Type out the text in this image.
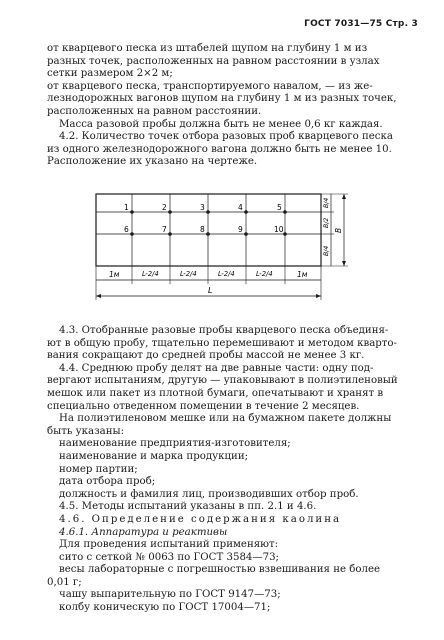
ГОСТ 7031—75 Стр. 3

от кварцевого песка из штабелей щупом на глубину 1 м из

разных точек, расположенных на равном расстоянии в узлах

сетки размером 2×2 м;

от кварцевого песка, транспортируемого навалом, — из же-

лезнодорожных вагонов щупом на глубину 1 м из разных точек,

расположенных на равном расстоянии.

Масса разовой пробы должна быть не менее 0,6 кг каждая.

4.2. Количество точек отбора разовых проб кварцевого песка

из одного железнодорожного вагона должно быть не менее 10.

Расположение их указано на чертеже.

1	2	3	4	5
6	7	8	9	10
1м	L-2/4	L-2/4	L-2/4	L-2/4	1м
L
B/4
B/2
B/4
B

4.3. Отобранные разовые пробы кварцевого песка объединя-

ют в общую пробу, тщательно перемешивают и методом кварто-

вания сокращают до средней пробы массой не менее 3 кг.

4.4. Среднюю пробу делят на две равные части: одну под-

вергают испытаниям, другую — упаковывают в полиэтиленовый

мешок или пакет из плотной бумаги, опечатывают и хранят в

специально отведенном помещении в течение 2 месяцев.

На полиэтиленовом мешке или на бумажном пакете должны

быть указаны:

наименование предприятия-изготовителя;

наименование и марка продукции;

номер партии;

дата отбора проб;

должность и фамилия лиц, производивших отбор проб.

4.5. Методы испытаний указаны в пп. 2.1 и 4.6.

4.6. Определение содержания каолина

4.6.1. Аппаратура и реактивы

Для проведения испытаний применяют:

сито с сеткой № 0063 по ГОСТ 3584—73;

весы лабораторные с погрешностью взвешивания не более

0,01 г;

чашу выпарительную по ГОСТ 9147—73;

колбу коническую по ГОСТ 17004—71;
